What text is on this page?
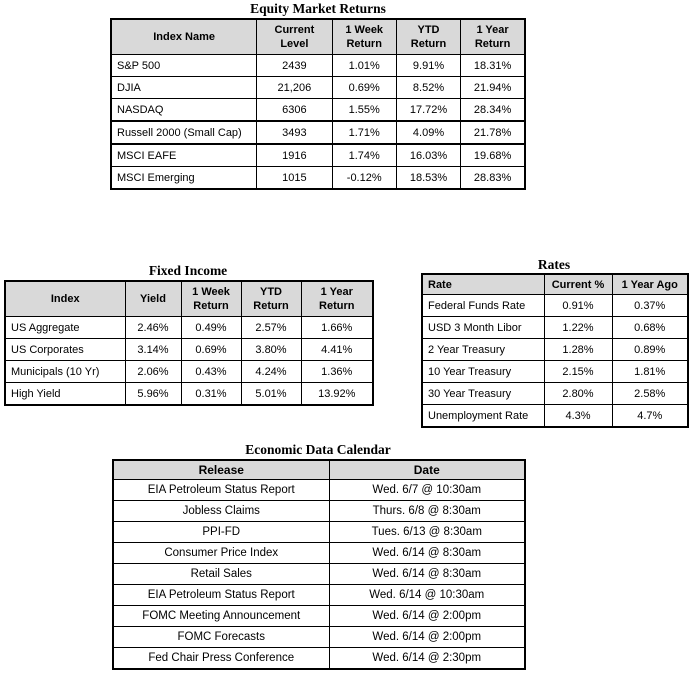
Equity Market Returns
Index Name	Current Level	1 Week Return	YTD Return	1 Year Return
S&P 500	2439	1.01%	9.91%	18.31%
DJIA	21,206	0.69%	8.52%	21.94%
NASDAQ	6306	1.55%	17.72%	28.34%
Russell 2000 (Small Cap)	3493	1.71%	4.09%	21.78%
MSCI EAFE	1916	1.74%	16.03%	19.68%
MSCI Emerging	1015	-0.12%	18.53%	28.83%
Fixed Income
Index	Yield	1 Week Return	YTD Return	1 Year Return
US Aggregate	2.46%	0.49%	2.57%	1.66%
US Corporates	3.14%	0.69%	3.80%	4.41%
Municipals (10 Yr)	2.06%	0.43%	4.24%	1.36%
High Yield	5.96%	0.31%	5.01%	13.92%
Rates
Rate	Current %	1 Year Ago
Federal Funds Rate	0.91%	0.37%
USD 3 Month Libor	1.22%	0.68%
2 Year Treasury	1.28%	0.89%
10 Year Treasury	2.15%	1.81%
30 Year Treasury	2.80%	2.58%
Unemployment Rate	4.3%	4.7%
Economic Data Calendar
Release	Date
EIA Petroleum Status Report	Wed. 6/7 @ 10:30am
Jobless Claims	Thurs. 6/8 @ 8:30am
PPI-FD	Tues. 6/13 @ 8:30am
Consumer Price Index	Wed. 6/14 @ 8:30am
Retail Sales	Wed. 6/14 @ 8:30am
EIA Petroleum Status Report	Wed. 6/14 @ 10:30am
FOMC Meeting Announcement	Wed. 6/14 @ 2:00pm
FOMC Forecasts	Wed. 6/14 @ 2:00pm
Fed Chair Press Conference	Wed. 6/14 @ 2:30pm
